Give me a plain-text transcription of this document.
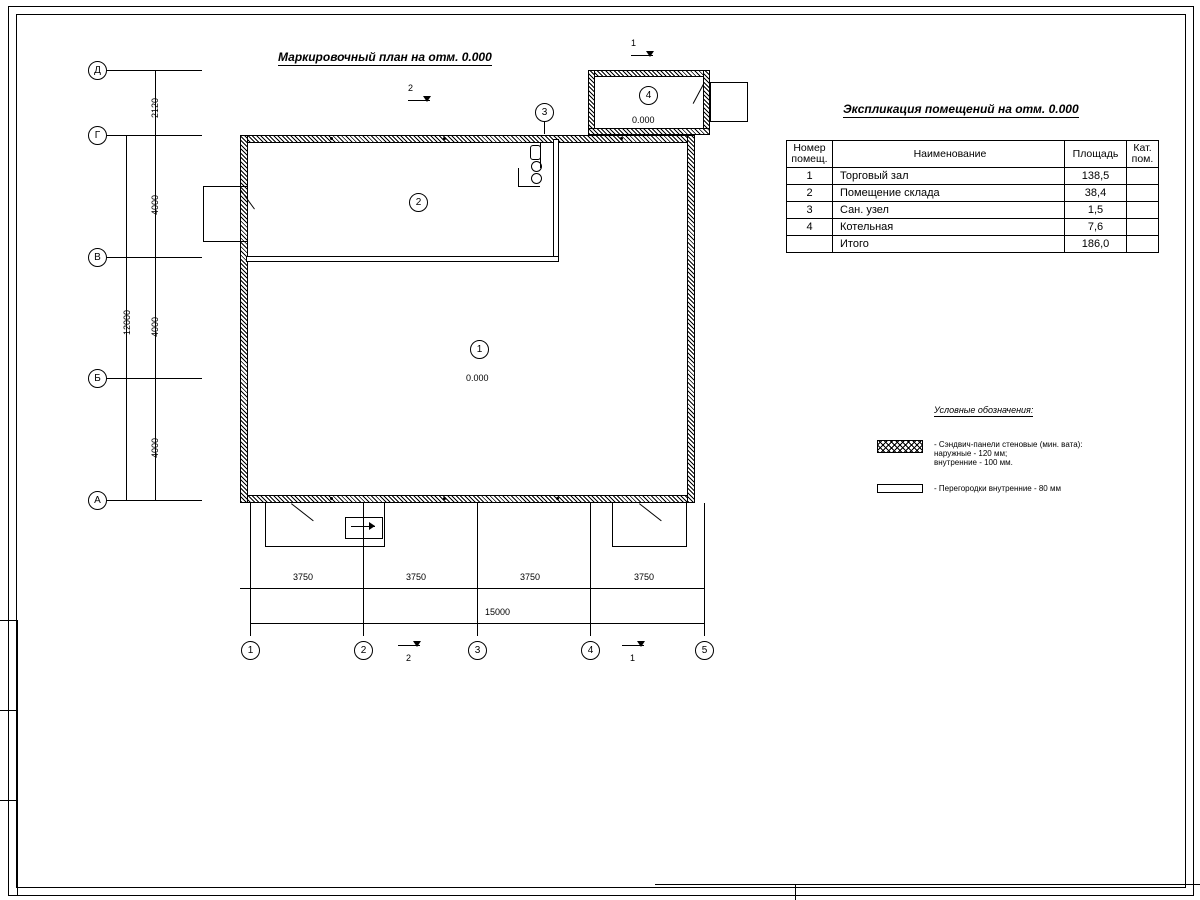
Маркировочный план на отм. 0.000
Экспликация помещений на отм. 0.000
Д
Г
В
Б
А
2120
4000
4000
4000
12000
1
0.000
2
3
4
0.000
1
2
2	1
1	2	3	4	5
3750	3750	3750	3750
15000
Номер помещ.	Наименование	Площадь	Кат. пом.
1	Торговый зал	138,5	
2	Помещение склада	38,4	
3	Сан. узел	1,5	
4	Котельная	7,6	
	Итого	186,0	
Условные обозначения:
- Сэндвич-панели стеновые (мин. вата):
наружные - 120 мм;
внутренние - 100 мм.
- Перегородки внутренние - 80 мм
